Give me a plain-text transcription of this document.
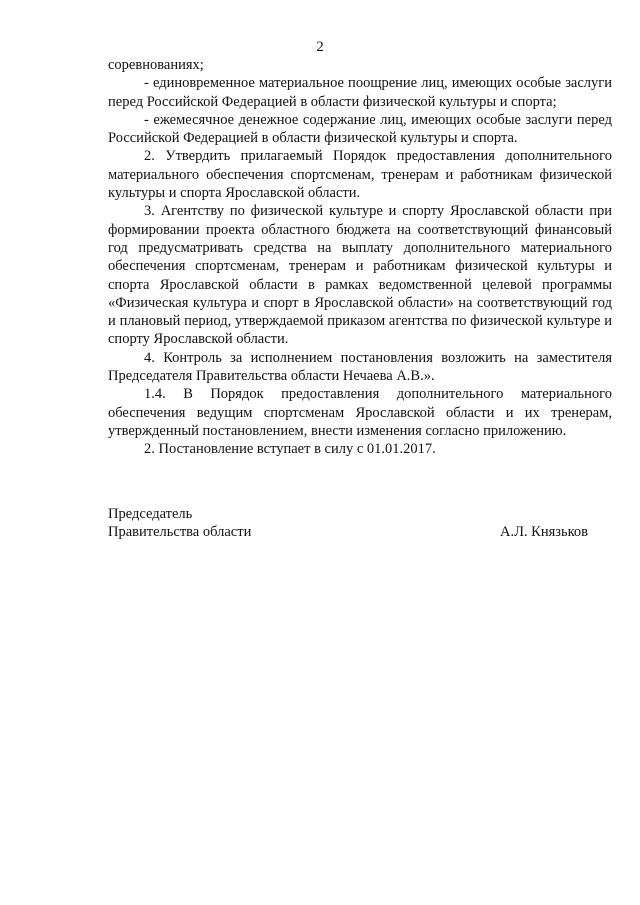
2

соревнованиях;

- единовременное материальное поощрение лиц, имеющих особые заслуги перед Российской Федерацией в области физической культуры и спорта;

- ежемесячное денежное содержание лиц, имеющих особые заслуги перед Российской Федерацией в области физической культуры и спорта.

2. Утвердить прилагаемый Порядок предоставления дополнительного материального обеспечения спортсменам, тренерам и работникам физической культуры и спорта Ярославской области.

3. Агентству по физической культуре и спорту Ярославской области при формировании проекта областного бюджета на соответствующий финансовый год предусматривать средства на выплату дополнительного материального обеспечения спортсменам, тренерам и работникам физической культуры и спорта Ярославской области в рамках ведомственной целевой программы «Физическая культура и спорт в Ярославской области» на соответствующий год и плановый период, утверждаемой приказом агентства по физической культуре и спорту Ярославской области.

4. Контроль за исполнением постановления возложить на заместителя Председателя Правительства области Нечаева А.В.».

1.4. В Порядок предоставления дополнительного материального обеспечения ведущим спортсменам Ярославской области и их тренерам, утвержденный постановлением, внести изменения согласно приложению.

2. Постановление вступает в силу с 01.01.2017.

Председатель
Правительства области	А.Л. Князьков
